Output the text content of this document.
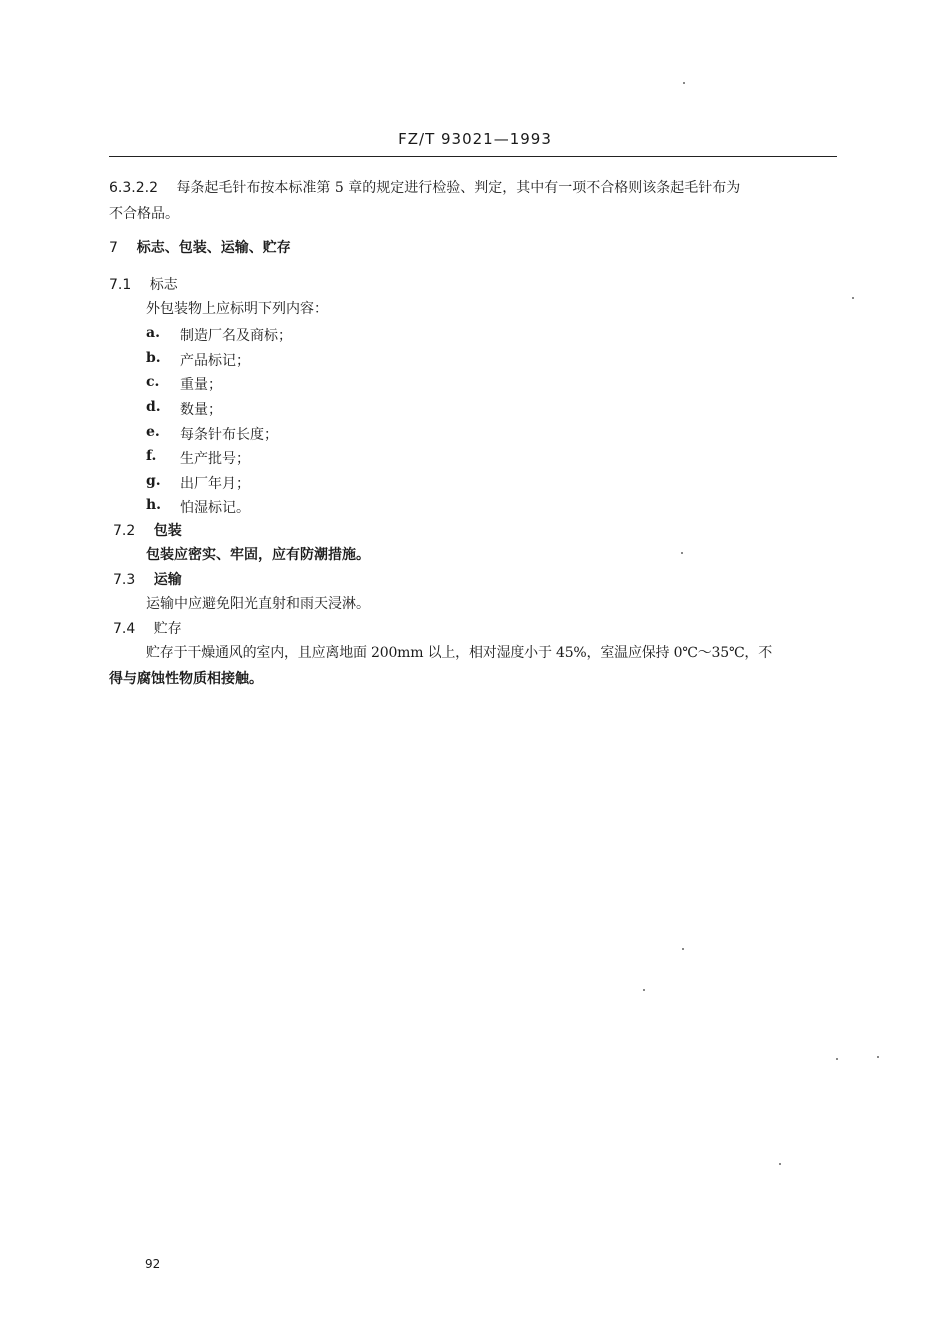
FZ/T 93021—1993
6.3.2.2 每条起毛针布按本标准第 5 章的规定进行检验、判定，其中有一项不合格则该条起毛针布为
不合格品。
7 标志、包装、运输、贮存
7.1 标志
外包装物上应标明下列内容：
a. 制造厂名及商标；
b. 产品标记；
c. 重量；
d. 数量；
e. 每条针布长度；
f. 生产批号；
g. 出厂年月；
h. 怕湿标记。
7.2 包装
包装应密实、牢固，应有防潮措施。
7.3 运输
运输中应避免阳光直射和雨天浸淋。
7.4 贮存
贮存于干燥通风的室内，且应离地面 200mm 以上，相对湿度小于 45%，室温应保持 0℃～35℃，不
得与腐蚀性物质相接触。
92
